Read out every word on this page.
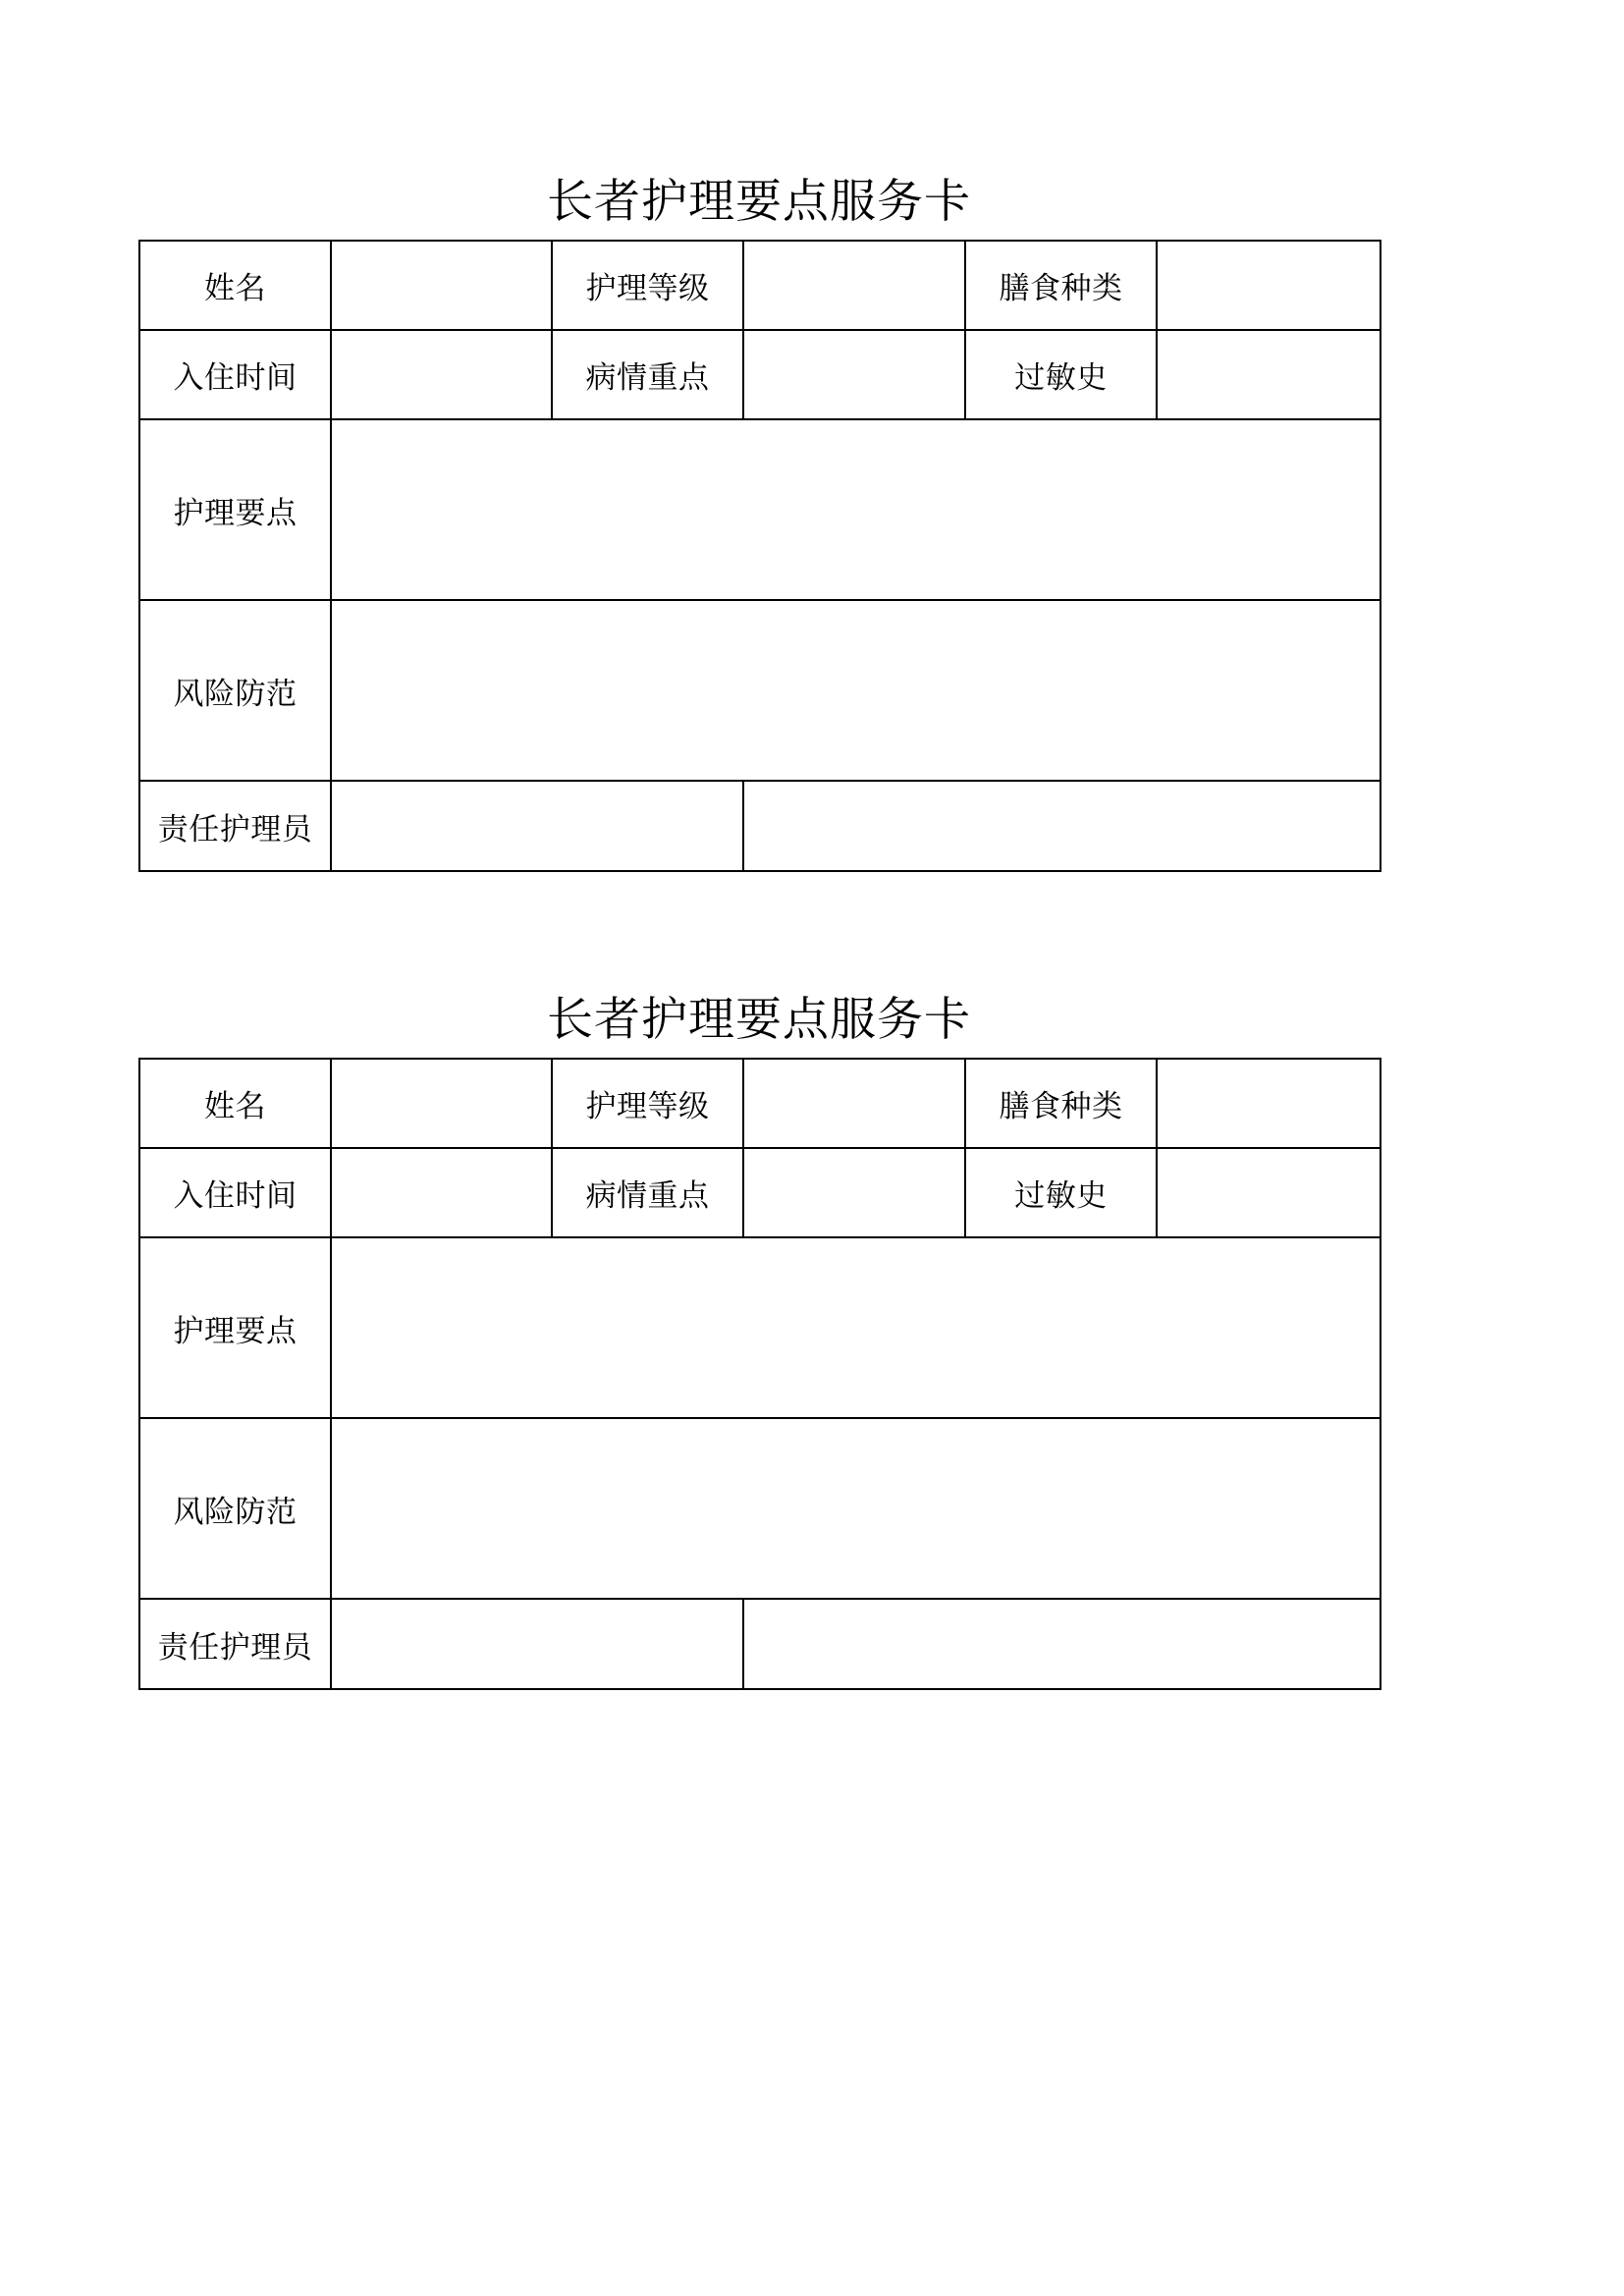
长者护理要点服务卡
姓名		护理等级		膳食种类	
入住时间		病情重点		过敏史	
护理要点					
风险防范					
责任护理员					
长者护理要点服务卡
姓名		护理等级		膳食种类	
入住时间		病情重点		过敏史	
护理要点					
风险防范					
责任护理员					
